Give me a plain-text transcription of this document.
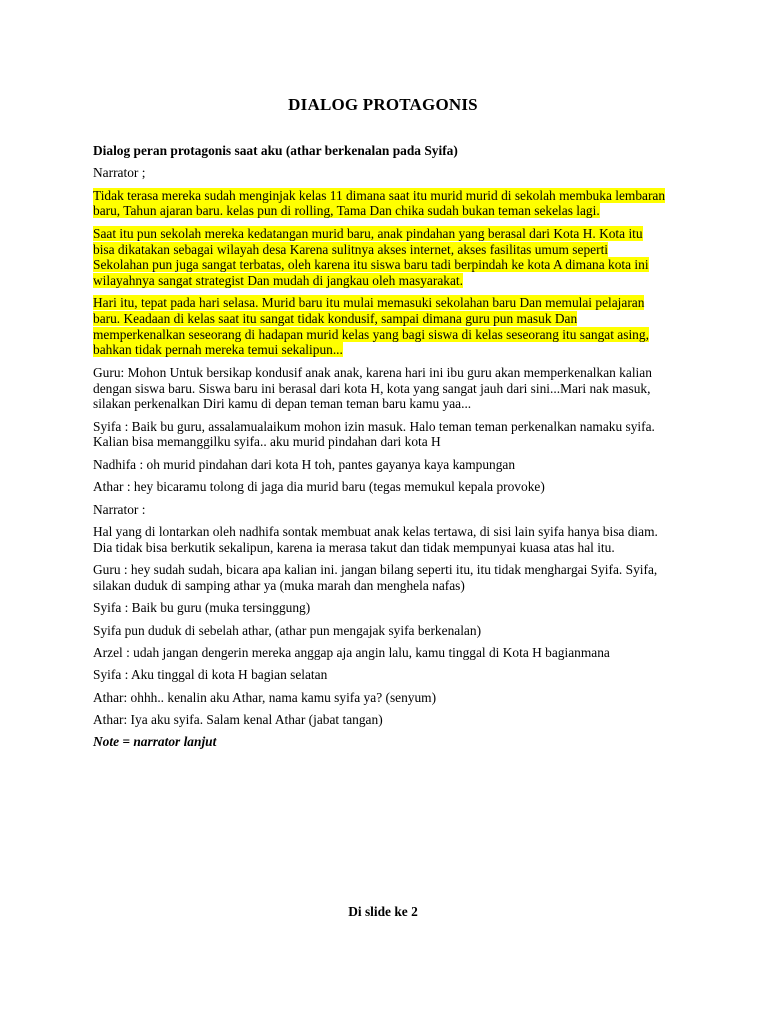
DIALOG PROTAGONIS

Dialog peran protagonis saat aku (athar berkenalan pada Syifa)

Narrator ;

Tidak terasa mereka sudah menginjak kelas 11 dimana saat itu murid murid di sekolah membuka lembaran baru, Tahun ajaran baru. kelas pun di rolling, Tama Dan chika sudah bukan teman sekelas lagi.

Saat itu pun sekolah mereka kedatangan murid baru, anak pindahan yang berasal dari Kota H. Kota itu bisa dikatakan sebagai wilayah desa Karena sulitnya akses internet, akses fasilitas umum seperti Sekolahan pun juga sangat terbatas, oleh karena itu siswa baru tadi berpindah ke kota A dimana kota ini wilayahnya sangat strategist Dan mudah di jangkau oleh masyarakat.

Hari itu, tepat pada hari selasa. Murid baru itu mulai memasuki sekolahan baru Dan memulai pelajaran baru. Keadaan di kelas saat itu sangat tidak kondusif, sampai dimana guru pun masuk Dan memperkenalkan seseorang di hadapan murid kelas yang bagi siswa di kelas seseorang itu sangat asing, bahkan tidak pernah mereka temui sekalipun...

Guru: Mohon Untuk bersikap kondusif anak anak, karena hari ini ibu guru akan memperkenalkan kalian dengan siswa baru. Siswa baru ini berasal dari kota H, kota yang sangat jauh dari sini...Mari nak masuk, silakan perkenalkan Diri kamu di depan teman teman baru kamu yaa...

Syifa : Baik bu guru, assalamualaikum mohon izin masuk. Halo teman teman perkenalkan namaku syifa. Kalian bisa memanggilku syifa.. aku murid pindahan dari kota H

Nadhifa : oh murid pindahan dari kota H toh, pantes gayanya kaya kampungan

Athar : hey bicaramu tolong di jaga dia murid baru (tegas memukul kepala provoke)

Narrator :

Hal yang di lontarkan oleh nadhifa sontak membuat anak kelas tertawa, di sisi lain syifa hanya bisa diam. Dia tidak bisa berkutik sekalipun, karena ia merasa takut dan tidak mempunyai kuasa atas hal itu.

Guru : hey sudah sudah, bicara apa kalian ini. jangan bilang seperti itu, itu tidak menghargai Syifa. Syifa, silakan duduk di samping athar ya (muka marah dan menghela nafas)

Syifa : Baik bu guru (muka tersinggung)

Syifa pun duduk di sebelah athar, (athar pun mengajak syifa berkenalan)

Arzel : udah jangan dengerin mereka anggap aja angin lalu, kamu tinggal di Kota H bagianmana

Syifa : Aku tinggal di kota H bagian selatan

Athar: ohhh.. kenalin aku Athar, nama kamu syifa ya? (senyum)

Athar: Iya aku syifa. Salam kenal Athar (jabat tangan)

Note = narrator lanjut

Di slide ke 2
